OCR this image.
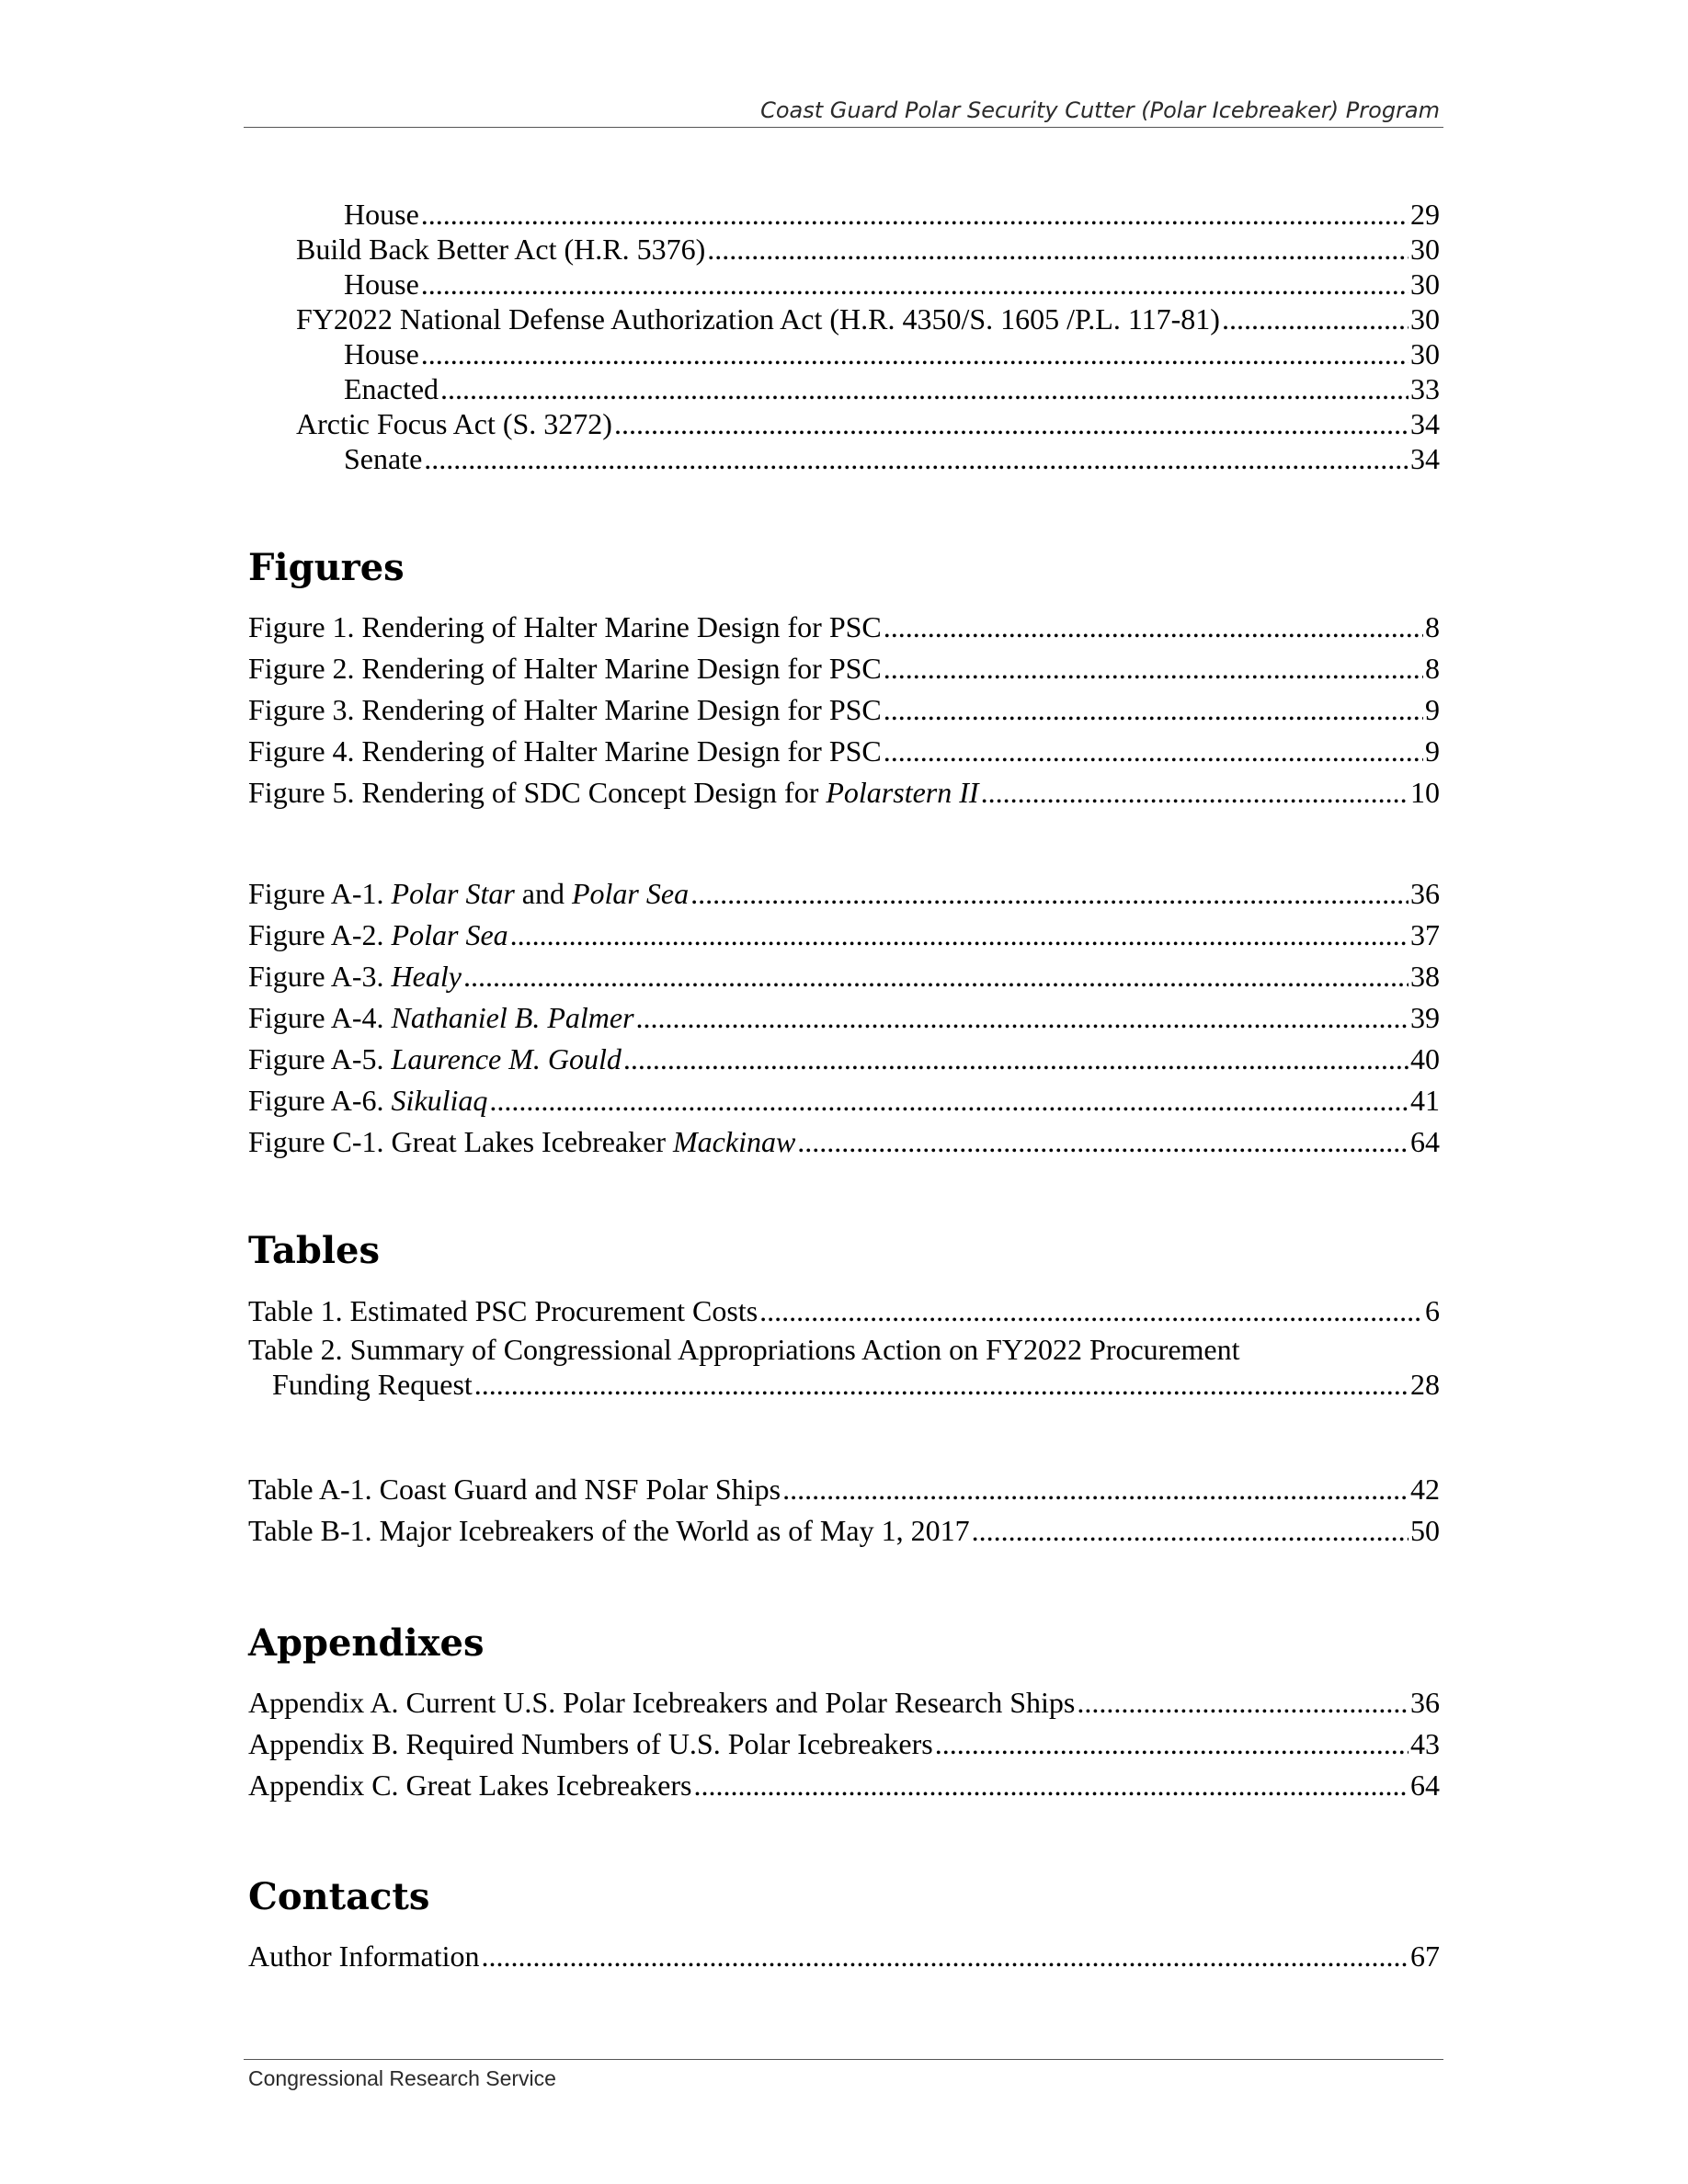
Coast Guard Polar Security Cutter (Polar Icebreaker) Program
House .....	29
Build Back Better Act (H.R. 5376) .....	30
House .....	30
FY2022 National Defense Authorization Act (H.R. 4350/S. 1605 /P.L. 117-81) .....	30
House .....	30
Enacted .....	33
Arctic Focus Act (S. 3272) .....	34
Senate .....	34
Figures
Figure 1. Rendering of Halter Marine Design for PSC .....	8
Figure 2. Rendering of Halter Marine Design for PSC .....	8
Figure 3. Rendering of Halter Marine Design for PSC .....	9
Figure 4. Rendering of Halter Marine Design for PSC .....	9
Figure 5. Rendering of SDC Concept Design for Polarstern II .....	10
Figure A-1. Polar Star and Polar Sea .....	36
Figure A-2. Polar Sea .....	37
Figure A-3. Healy .....	38
Figure A-4. Nathaniel B. Palmer .....	39
Figure A-5. Laurence M. Gould .....	40
Figure A-6. Sikuliaq .....	41
Figure C-1. Great Lakes Icebreaker Mackinaw .....	64
Tables
Table 1. Estimated PSC Procurement Costs .....	6
Table 2. Summary of Congressional Appropriations Action on FY2022 Procurement
Funding Request .....	28
Table A-1. Coast Guard and NSF Polar Ships .....	42
Table B-1. Major Icebreakers of the World as of May 1, 2017 .....	50
Appendixes
Appendix A. Current U.S. Polar Icebreakers and Polar Research Ships .....	36
Appendix B. Required Numbers of U.S. Polar Icebreakers .....	43
Appendix C. Great Lakes Icebreakers .....	64
Contacts
Author Information .....	67
Congressional Research Service
